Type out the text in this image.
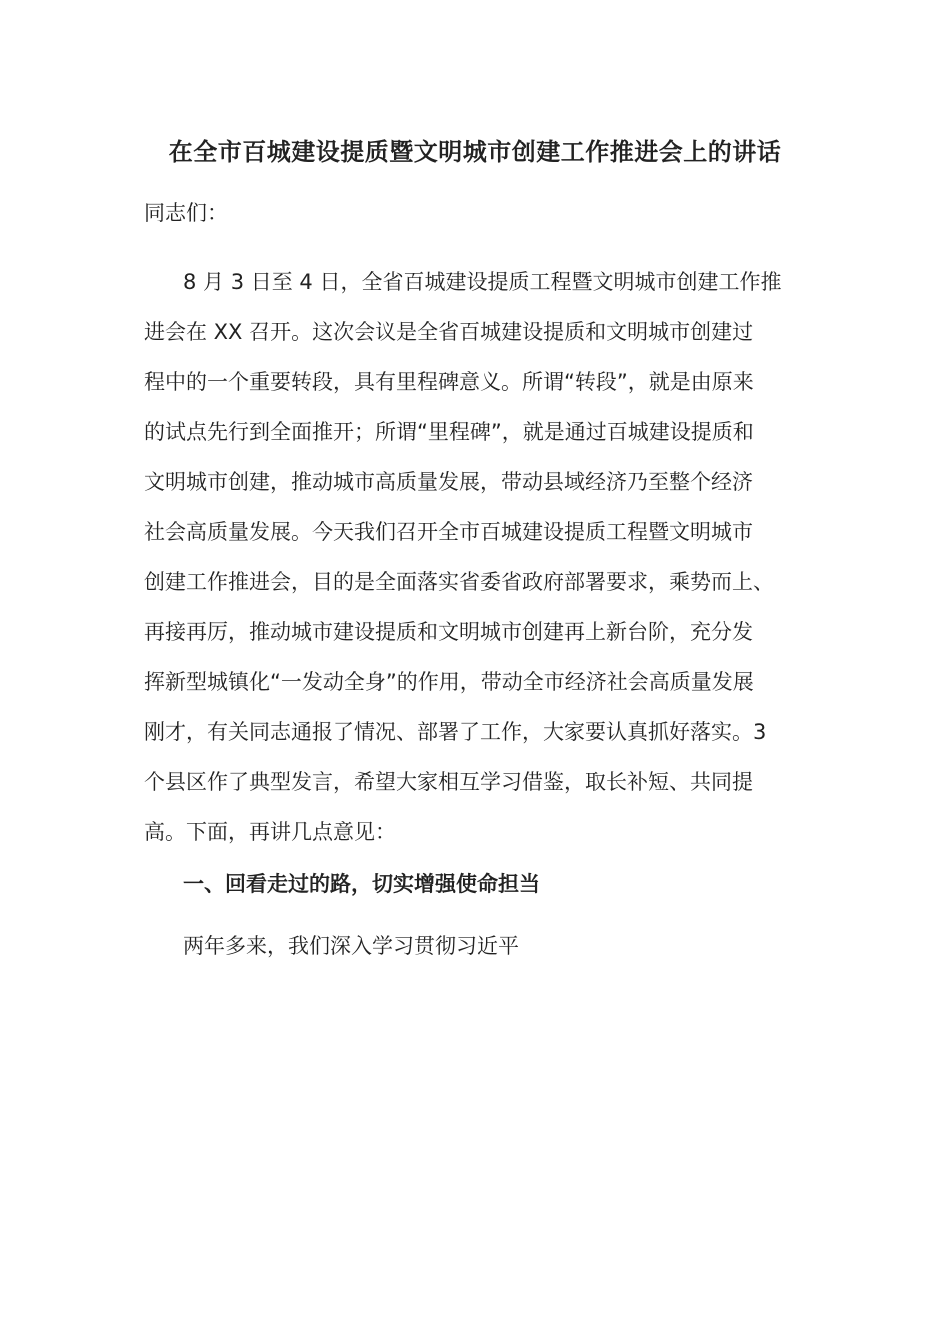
在全市百城建设提质暨文明城市创建工作推进会上的讲话
同志们：
8 月 3 日至 4 日，全省百城建设提质工程暨文明城市创建工作推
进会在 XX 召开。这次会议是全省百城建设提质和文明城市创建过
程中的一个重要转段，具有里程碑意义。所谓“转段”，就是由原来
的试点先行到全面推开；所谓“里程碑”，就是通过百城建设提质和
文明城市创建，推动城市高质量发展，带动县域经济乃至整个经济
社会高质量发展。今天我们召开全市百城建设提质工程暨文明城市
创建工作推进会，目的是全面落实省委省政府部署要求，乘势而上、
再接再厉，推动城市建设提质和文明城市创建再上新台阶，充分发
挥新型城镇化“一发动全身”的作用，带动全市经济社会高质量发展
刚才，有关同志通报了情况、部署了工作，大家要认真抓好落实。3
个县区作了典型发言，希望大家相互学习借鉴，取长补短、共同提
高。下面，再讲几点意见：
一、回看走过的路，切实增强使命担当
两年多来，我们深入学习贯彻习近平
